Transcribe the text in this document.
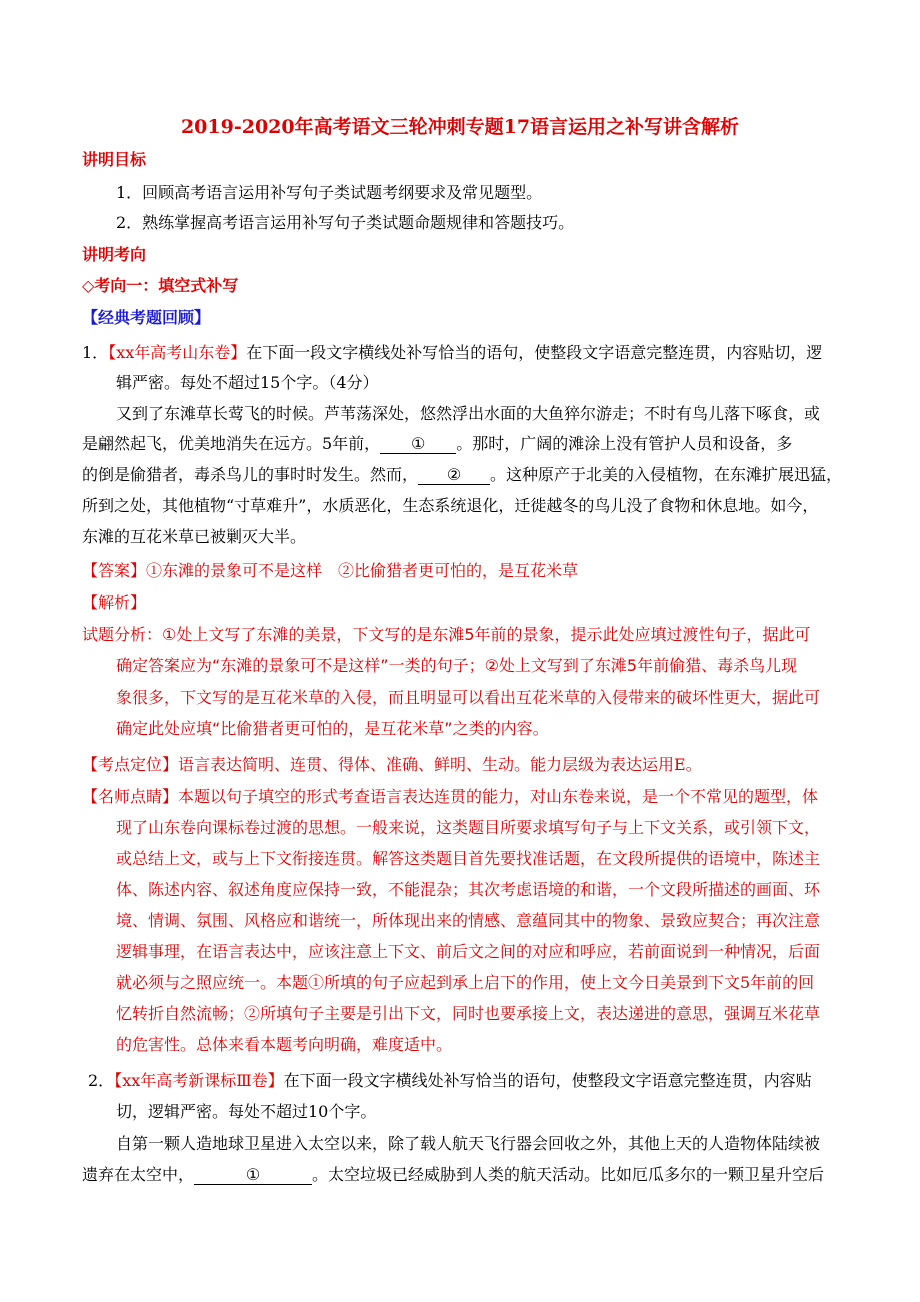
2019-2020年高考语文三轮冲刺专题17语言运用之补写讲含解析
讲明目标
1．回顾高考语言运用补写句子类试题考纲要求及常见题型。
2．熟练掌握高考语言运用补写句子类试题命题规律和答题技巧。
讲明考向
◇考向一：填空式补写
【经典考题回顾】
1．【xx年高考山东卷】在下面一段文字横线处补写恰当的语句，使整段文字语意完整连贯，内容贴切，逻
辑严密。每处不超过15个字。（4分）
又到了东滩草长莺飞的时候。芦苇荡深处，悠然浮出水面的大鱼猝尔游走；不时有鸟儿落下啄食，或
是翩然起飞，优美地消失在远方。5年前， ① 。那时，广阔的滩涂上没有管护人员和设备，多
的倒是偷猎者，毒杀鸟儿的事时时发生。然而， ② 。这种原产于北美的入侵植物，在东滩扩展迅猛，
所到之处，其他植物“寸草难升”，水质恶化，生态系统退化，迁徙越冬的鸟儿没了食物和休息地。如今，
东滩的互花米草已被剿灭大半。
【答案】①东滩的景象可不是这样　②比偷猎者更可怕的，是互花米草
【解析】
试题分析：①处上文写了东滩的美景，下文写的是东滩5年前的景象，提示此处应填过渡性句子，据此可
确定答案应为“东滩的景象可不是这样”一类的句子；②处上文写到了东滩5年前偷猎、毒杀鸟儿现
象很多，下文写的是互花米草的入侵，而且明显可以看出互花米草的入侵带来的破坏性更大，据此可
确定此处应填“比偷猎者更可怕的，是互花米草”之类的内容。
【考点定位】语言表达简明、连贯、得体、准确、鲜明、生动。能力层级为表达运用E。
【名师点睛】本题以句子填空的形式考查语言表达连贯的能力，对山东卷来说，是一个不常见的题型，体
现了山东卷向课标卷过渡的思想。一般来说，这类题目所要求填写句子与上下文关系，或引领下文，
或总结上文，或与上下文衔接连贯。解答这类题目首先要找准话题，在文段所提供的语境中，陈述主
体、陈述内容、叙述角度应保持一致，不能混杂；其次考虑语境的和谐，一个文段所描述的画面、环
境、情调、氛围、风格应和谐统一，所体现出来的情感、意蕴同其中的物象、景致应契合；再次注意
逻辑事理，在语言表达中，应该注意上下文、前后文之间的对应和呼应，若前面说到一种情况，后面
就必须与之照应统一。本题①所填的句子应起到承上启下的作用，使上文今日美景到下文5年前的回
忆转折自然流畅；②所填句子主要是引出下文，同时也要承接上文，表达递进的意思，强调互米花草
的危害性。总体来看本题考向明确，难度适中。
2．【xx年高考新课标Ⅲ卷】在下面一段文字横线处补写恰当的语句，使整段文字语意完整连贯，内容贴
切，逻辑严密。每处不超过10个字。
自第一颗人造地球卫星进入太空以来，除了载人航天飞行器会回收之外，其他上天的人造物体陆续被
遗弃在太空中，	①	。太空垃圾已经威胁到人类的航天活动。比如厄瓜多尔的一颗卫星升空后
